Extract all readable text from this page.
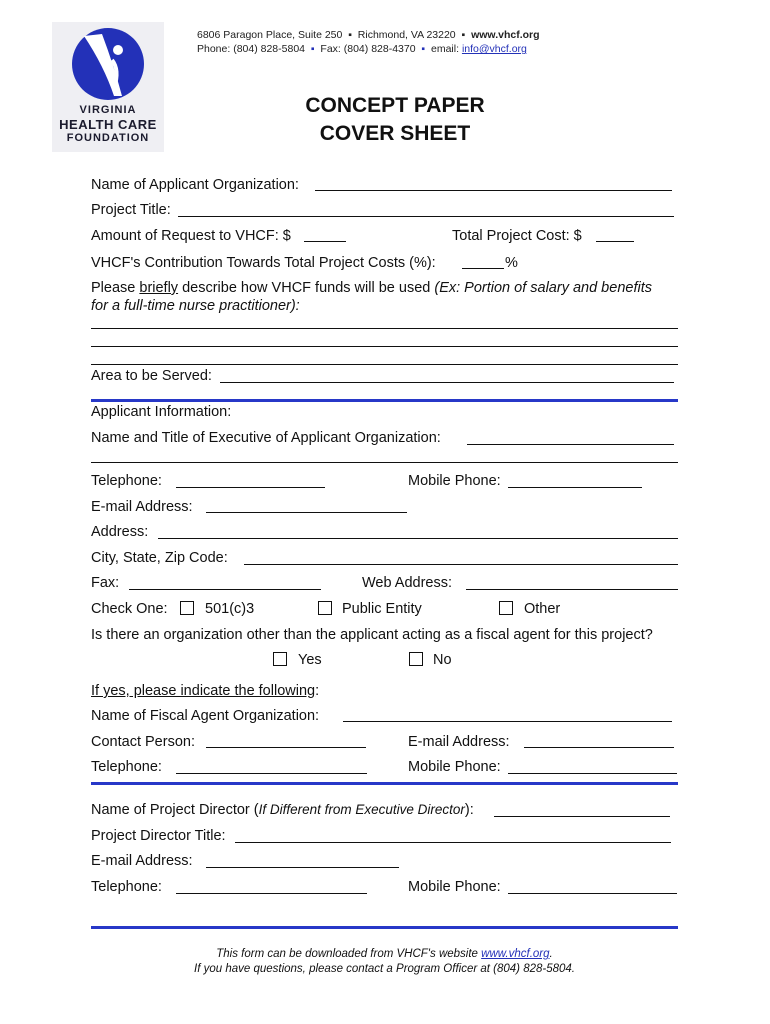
VIRGINIA
HEALTH CARE
FOUNDATION
6806 Paragon Place, Suite 250 ▪ Richmond, VA 23220 ▪ www.vhcf.org
Phone: (804) 828-5804 ▪ Fax: (804) 828-4370 ▪ email: info@vhcf.org
CONCEPT PAPER
COVER SHEET
Name of Applicant Organization:
Project Title:
Amount of Request to VHCF: $	Total Project Cost: $
VHCF's Contribution Towards Total Project Costs (%):	%
Please briefly describe how VHCF funds will be used (Ex: Portion of salary and benefits
for a full-time nurse practitioner):
Area to be Served:
Applicant Information:
Name and Title of Executive of Applicant Organization:
Telephone:	Mobile Phone:
E-mail Address:
Address:
City, State, Zip Code:
Fax:	Web Address:
Check One:	501(c)3	Public Entity	Other
Is there an organization other than the applicant acting as a fiscal agent for this project?
Yes	No
If yes, please indicate the following:
Name of Fiscal Agent Organization:
Contact Person:	E-mail Address:
Telephone:	Mobile Phone:
Name of Project Director (If Different from Executive Director):
Project Director Title:
E-mail Address:
Telephone:	Mobile Phone:
This form can be downloaded from VHCF's website www.vhcf.org.
If you have questions, please contact a Program Officer at (804) 828-5804.
